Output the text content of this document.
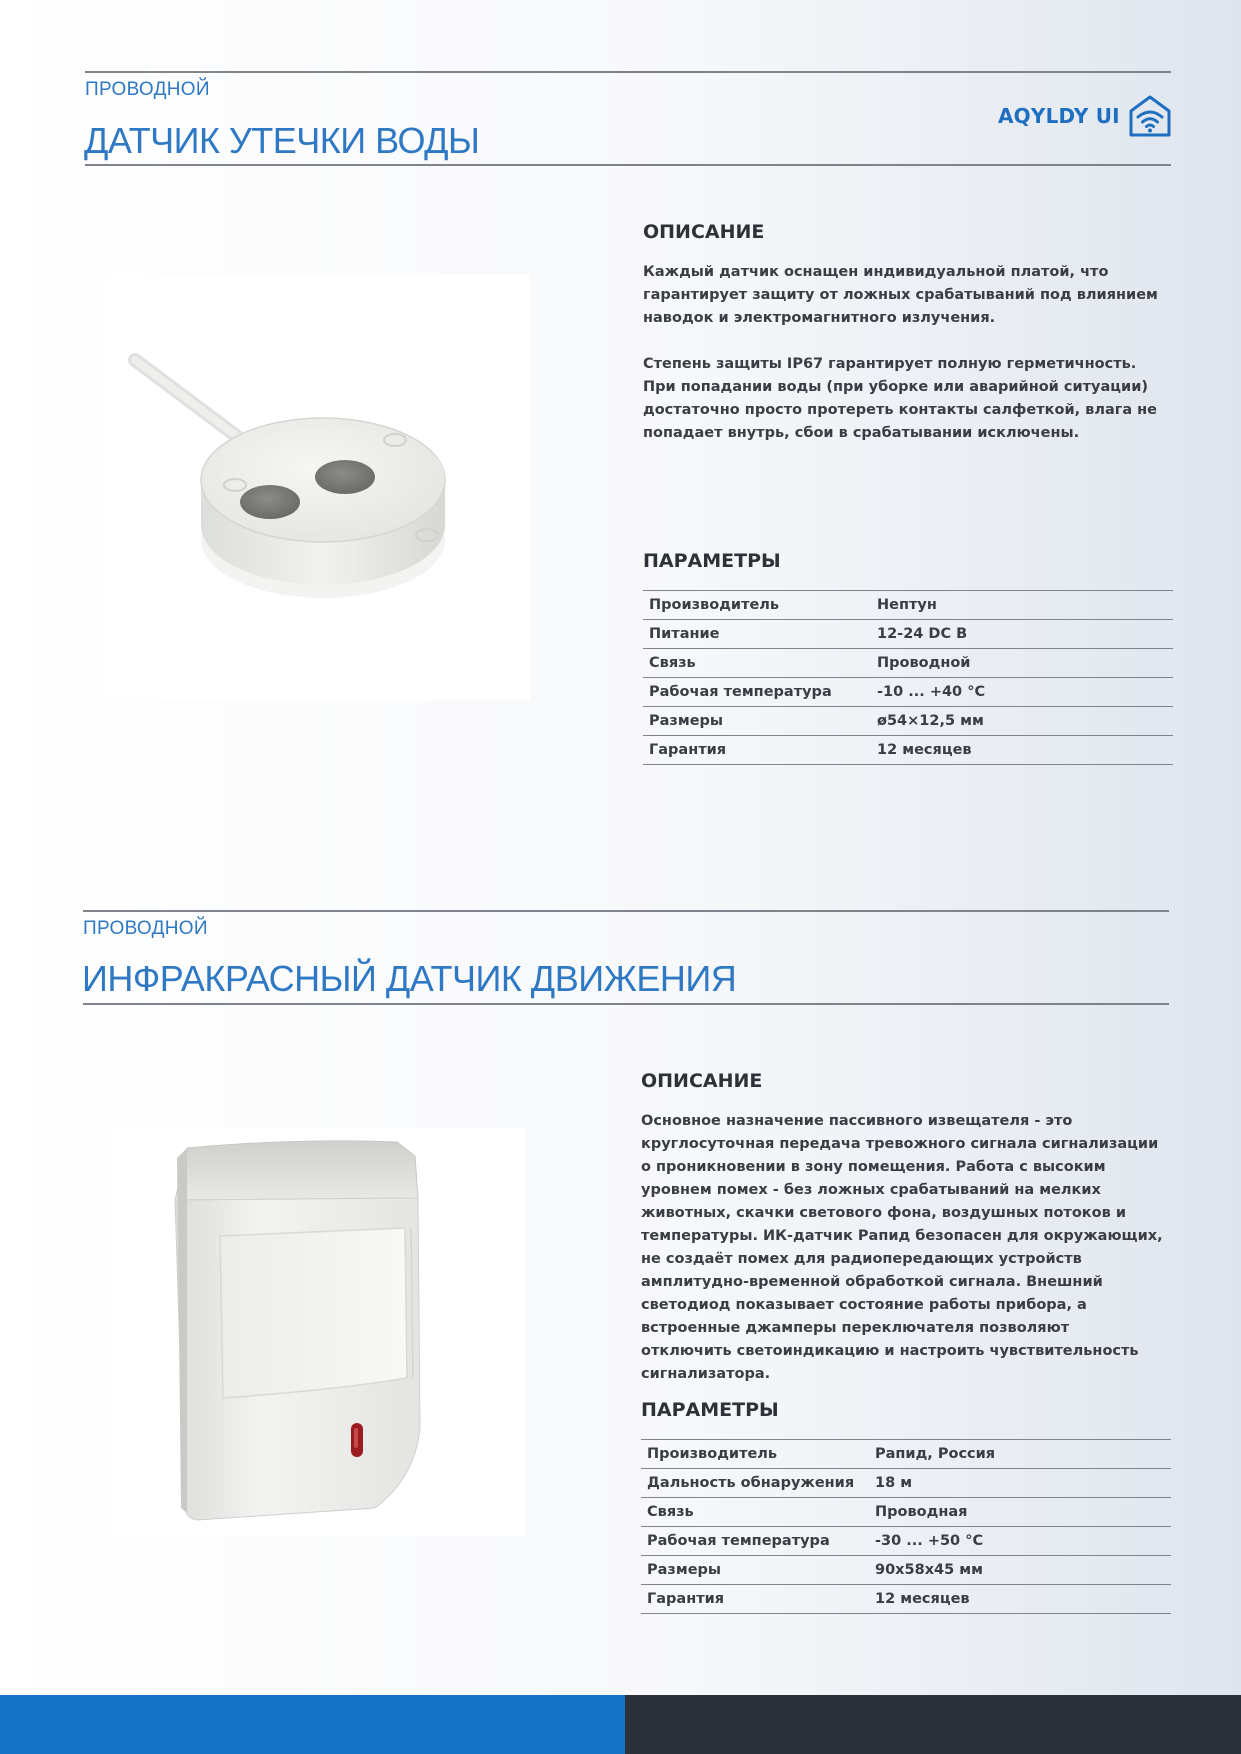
ПРОВОДНОЙ
ДАТЧИК УТЕЧКИ ВОДЫ
AQYLDY UI
ОПИСАНИЕ

Каждый датчик оснащен индивидуальной платой, что гарантирует защиту от ложных срабатываний под влиянием наводок и электромагнитного излучения.

Степень защиты IP67 гарантирует полную герметичность. При попадании воды (при уборке или аварийной ситуации) достаточно просто протереть контакты салфеткой, влага не попадает внутрь, сбои в срабатывании исключены.

ПАРАМЕТРЫ
Производитель	Нептун
Питание	12-24 DC В
Связь	Проводной
Рабочая температура	-10 ... +40 °С
Размеры	ø54×12,5 мм
Гарантия	12 месяцев
ПРОВОДНОЙ
ИНФРАКРАСНЫЙ ДАТЧИК ДВИЖЕНИЯ
ОПИСАНИЕ

Основное назначение пассивного извещателя - это круглосуточная передача тревожного сигнала сигнализации о проникновении в зону помещения. Работа с высоким уровнем помех - без ложных срабатываний на мелких животных, скачки светового фона, воздушных потоков и температуры. ИК-датчик Рапид безопасен для окружающих, не создаёт помех для радиопередающих устройств амплитудно-временной обработкой сигнала. Внешний светодиод показывает состояние работы прибора, а встроенные джамперы переключателя позволяют отключить светоиндикацию и настроить чувствительность сигнализатора.

ПАРАМЕТРЫ
Производитель	Рапид, Россия
Дальность обнаружения	18 м
Связь	Проводная
Рабочая температура	-30 ... +50 °С
Размеры	90x58x45 мм
Гарантия	12 месяцев
